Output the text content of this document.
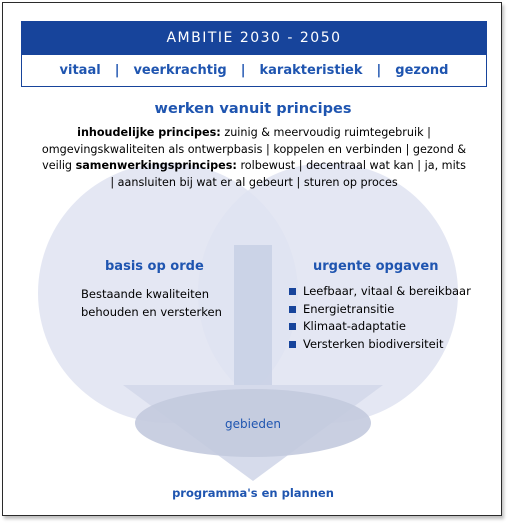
AMBITIE 2030 - 2050
vitaal | veerkrachtig | karakteristiek | gezond
werken vanuit principes
inhoudelijke principes: zuinig & meervoudig ruimtegebruik | omgevingskwaliteiten als ontwerpbasis | koppelen en verbinden | gezond & veilig samenwerkingsprincipes: rolbewust | decentraal wat kan | ja, mits | aansluiten bij wat er al gebeurt | sturen op proces
basis op orde
Bestaande kwaliteiten
behouden en versterken
urgente opgaven
Leefbaar, vitaal & bereikbaar
Energietransitie
Klimaat-adaptatie
Versterken biodiversiteit
gebieden
programma's en plannen
